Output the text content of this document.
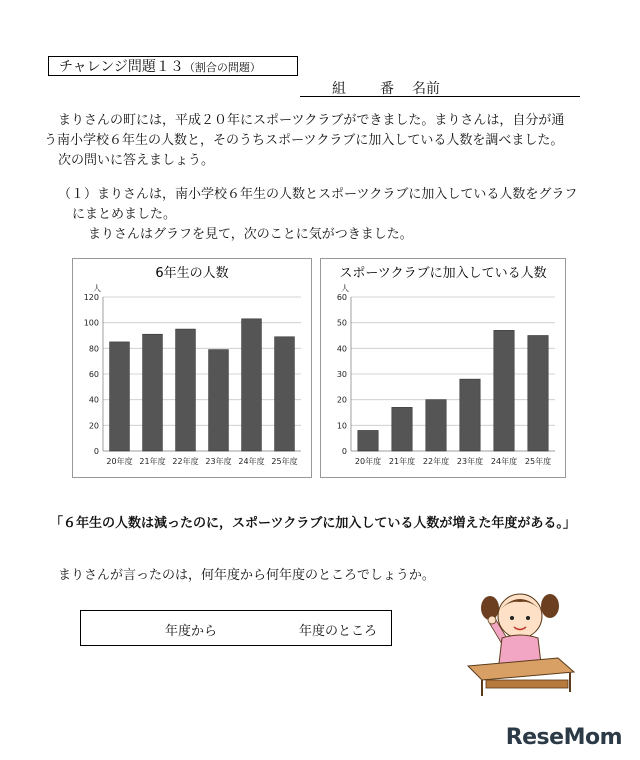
チャレンジ問題１３（割合の問題）
組 番 名前
まりさんの町には，平成２０年にスポーツクラブができました。まりさんは，自分が通
う南小学校６年生の人数と，そのうちスポーツクラブに加入している人数を調べました。
次の問いに答えましょう。
（１）まりさんは，南小学校６年生の人数とスポーツクラブに加入している人数をグラフ
にまとめました。
まりさんはグラフを見て，次のことに気がつきました。
6年生の人数
人
0
20
40
60
80
100
120
20年度 21年度 22年度 23年度 24年度 25年度
スポーツクラブに加入している人数
人
0
10
20
30
40
50
60
20年度 21年度 22年度 23年度 24年度 25年度
「６年生の人数は減ったのに，スポーツクラブに加入している人数が増えた年度がある。」
まりさんが言ったのは，何年度から何年度のところでしょうか。
年度から	年度のところ
ReseMom
